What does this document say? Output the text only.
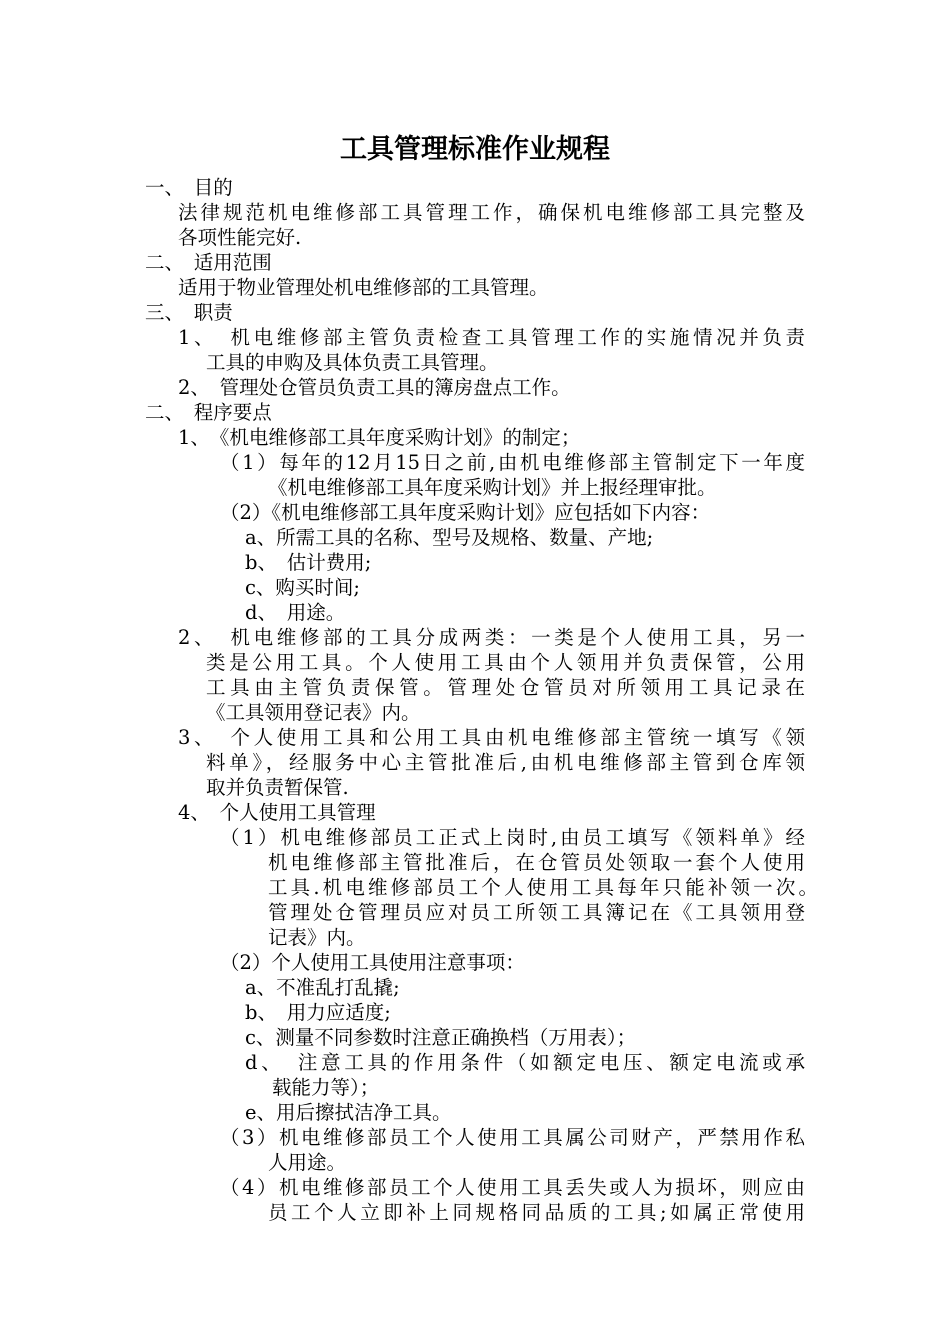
工具管理标准作业规程
一、　目的
法律规范机电维修部工具管理工作，确保机电维修部工具完整及
各项性能完好.
二、　适用范围
适用于物业管理处机电维修部的工具管理。
三、　职责
1、　机电维修部主管负责检查工具管理工作的实施情况并负责
工具的申购及具体负责工具管理。
2、　管理处仓管员负责工具的簿房盘点工作。
二、　程序要点
1、　《机电维修部工具年度采购计划》的制定；
（1）每年的12月15日之前,由机电维修部主管制定下一年度
《机电维修部工具年度采购计划》并上报经理审批。
（2）《机电维修部工具年度采购计划》应包括如下内容：
a、所需工具的名称、型号及规格、数量、产地;
b、　估计费用;
c、购买时间;
d、　用途。
2、　机电维修部的工具分成两类：一类是个人使用工具，另一
类是公用工具。个人使用工具由个人领用并负责保管，公用
工具由主管负责保管。管理处仓管员对所领用工具记录在
《工具领用登记表》内。
3、　个人使用工具和公用工具由机电维修部主管统一填写《领
料单》，经服务中心主管批准后,由机电维修部主管到仓库领
取并负责暂保管.
4、　个人使用工具管理
（1）机电维修部员工正式上岗时,由员工填写《领料单》经
机电维修部主管批准后，在仓管员处领取一套个人使用
工具.机电维修部员工个人使用工具每年只能补领一次。
管理处仓管理员应对员工所领工具簿记在《工具领用登
记表》内。
（2）个人使用工具使用注意事项：
a、不准乱打乱撬;
b、　用力应适度;
c、测量不同参数时注意正确换档（万用表）；
d、　注意工具的作用条件（如额定电压、额定电流或承
载能力等）；
e、用后擦拭洁净工具。
（3）机电维修部员工个人使用工具属公司财产，严禁用作私
人用途。
（4）机电维修部员工个人使用工具丢失或人为损坏，则应由
员工个人立即补上同规格同品质的工具;如属正常使用
